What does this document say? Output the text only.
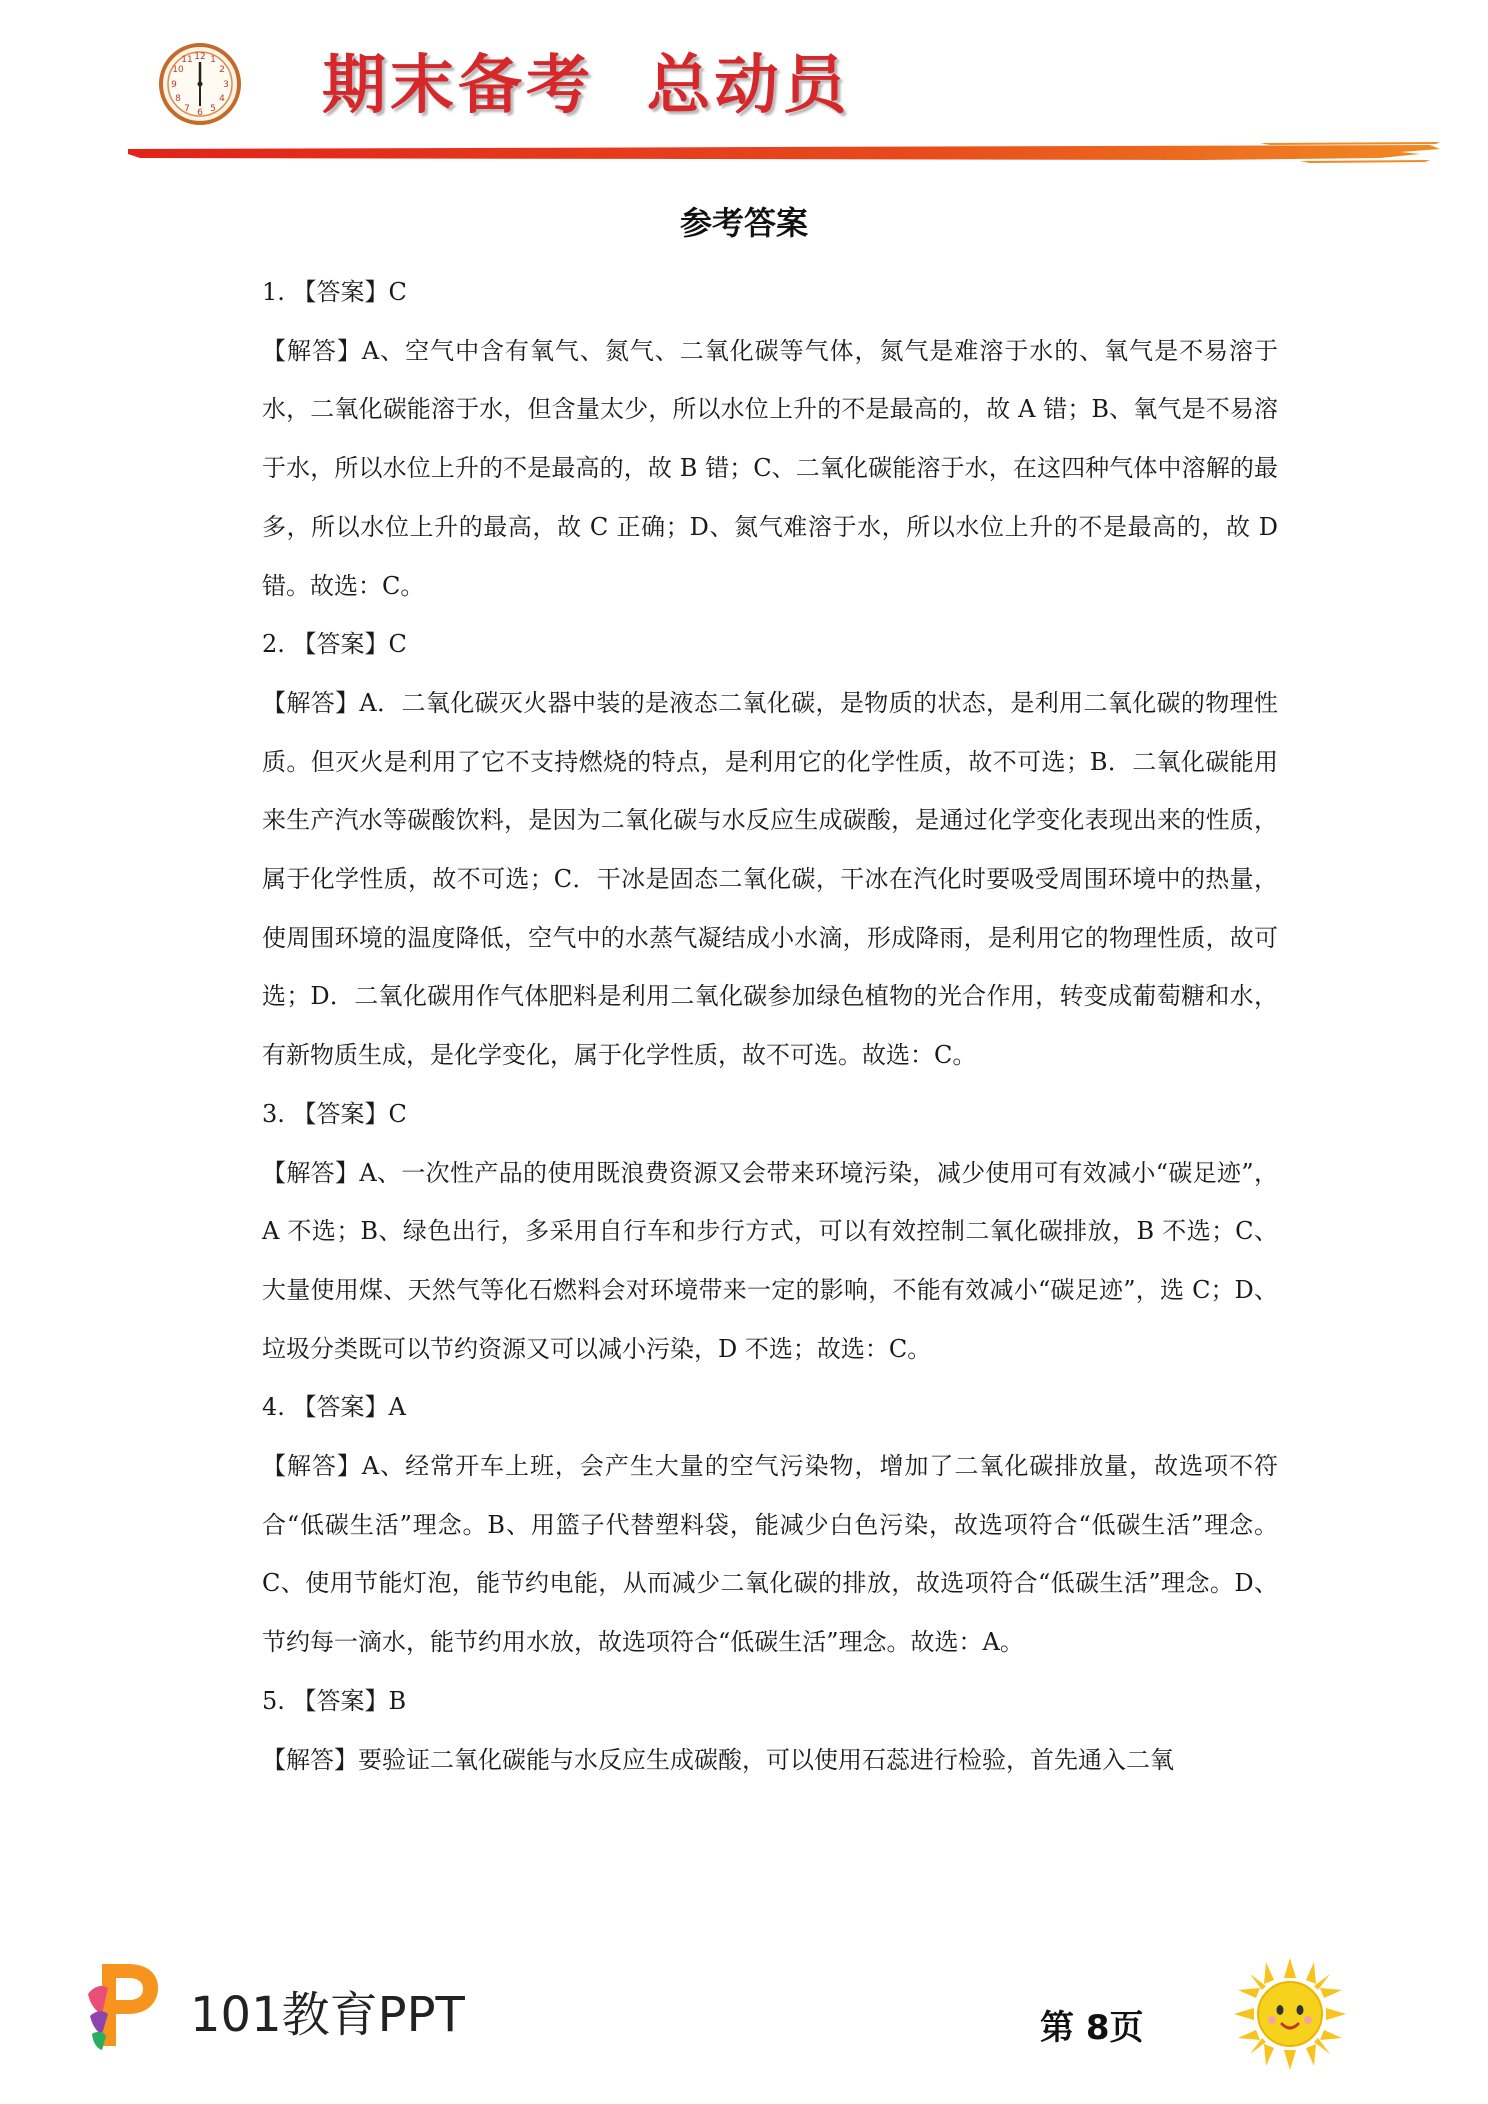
12 1
2
3
4
5
6
7
8
9
10
11 期末备考  总动员
参考答案

1. 【答案】C

【解答】A、空气中含有氧气、氮气、二氧化碳等气体，氮气是难溶于水的、氧气是不易溶于水，二氧化碳能溶于水，但含量太少，所以水位上升的不是最高的，故 A 错；B、氧气是不易溶于水，所以水位上升的不是最高的，故 B 错；C、二氧化碳能溶于水，在这四种气体中溶解的最多，所以水位上升的最高，故 C 正确；D、氮气难溶于水，所以水位上升的不是最高的，故 D 错。故选：C。

2. 【答案】C

【解答】A．二氧化碳灭火器中装的是液态二氧化碳，是物质的状态，是利用二氧化碳的物理性质。但灭火是利用了它不支持燃烧的特点，是利用它的化学性质，故不可选；B．二氧化碳能用来生产汽水等碳酸饮料，是因为二氧化碳与水反应生成碳酸，是通过化学变化表现出来的性质，属于化学性质，故不可选；C．干冰是固态二氧化碳，干冰在汽化时要吸受周围环境中的热量，使周围环境的温度降低，空气中的水蒸气凝结成小水滴，形成降雨，是利用它的物理性质，故可选；D．二氧化碳用作气体肥料是利用二氧化碳参加绿色植物的光合作用，转变成葡萄糖和水，有新物质生成，是化学变化，属于化学性质，故不可选。故选：C。

3. 【答案】C

【解答】A、一次性产品的使用既浪费资源又会带来环境污染，减少使用可有效减小“碳足迹”，A 不选；B、绿色出行，多采用自行车和步行方式，可以有效控制二氧化碳排放，B 不选；C、大量使用煤、天然气等化石燃料会对环境带来一定的影响，不能有效减小“碳足迹”，选 C；D、垃圾分类既可以节约资源又可以减小污染，D 不选；故选：C。

4. 【答案】A

【解答】A、经常开车上班，会产生大量的空气污染物，增加了二氧化碳排放量，故选项不符合“低碳生活”理念。B、用篮子代替塑料袋，能减少白色污染，故选项符合“低碳生活”理念。C、使用节能灯泡，能节约电能，从而减少二氧化碳的排放，故选项符合“低碳生活”理念。D、节约每一滴水，能节约用水放，故选项符合“低碳生活”理念。故选：A。

5. 【答案】B

【解答】要验证二氧化碳能与水反应生成碳酸，可以使用石蕊进行检验，首先通入二氧

101教育PPT	第 8页
